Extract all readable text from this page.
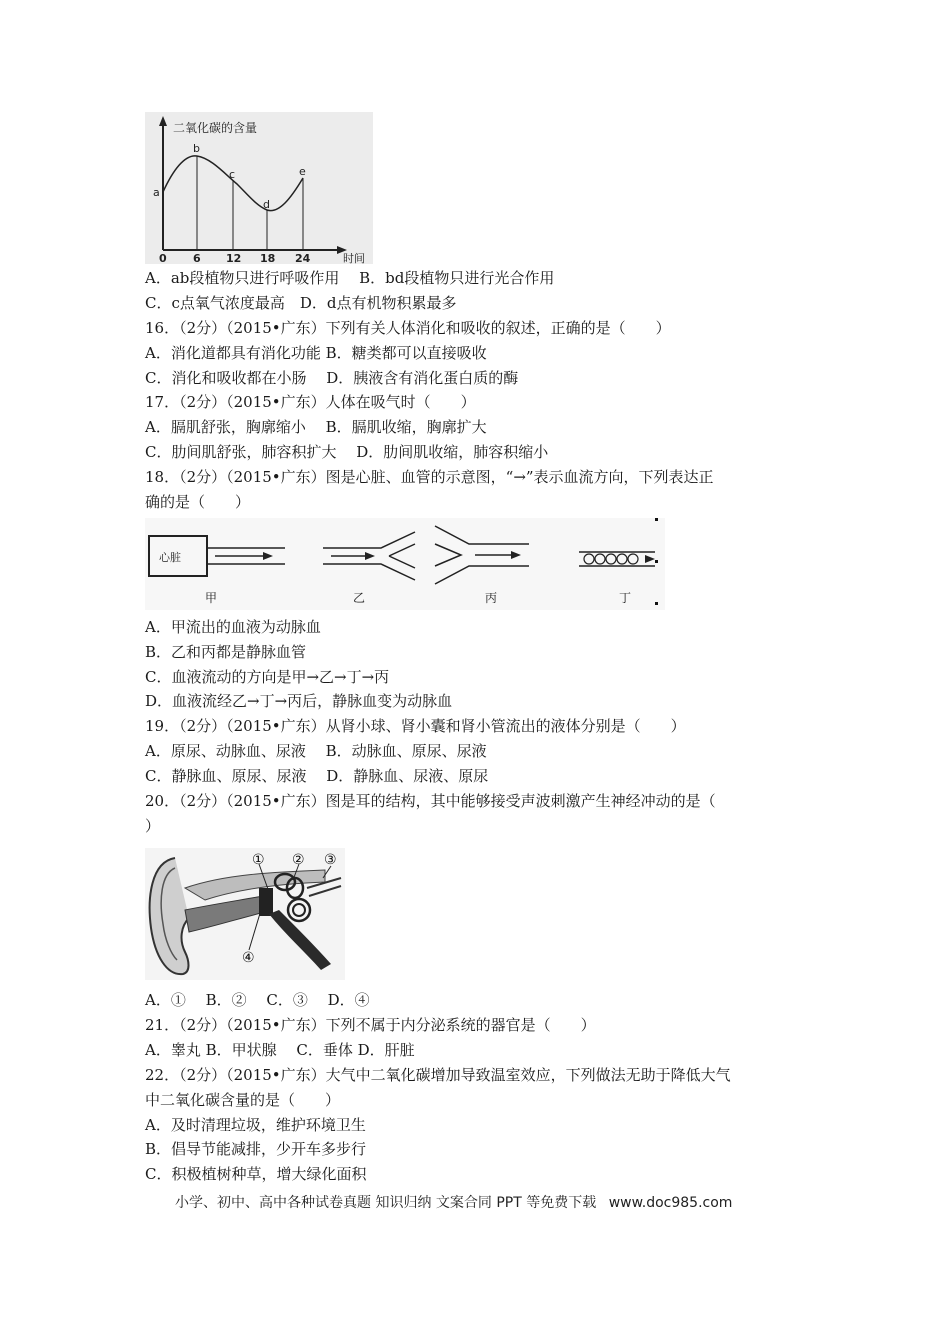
二氧化碳的含量
时间
a
b
c
d
e
0 6 12 18 24
A．ab段植物只进行呼吸作用　 B．bd段植物只进行光合作用
C．c点氧气浓度最高　D．d点有机物积累最多
16．（2分）（2015•广东）下列有关人体消化和吸收的叙述，正确的是（　　）
A．消化道都具有消化功能 B．糖类都可以直接吸收
C．消化和吸收都在小肠　 D．胰液含有消化蛋白质的酶
17．（2分）（2015•广东）人体在吸气时（　　）
A．膈肌舒张，胸廓缩小　 B．膈肌收缩，胸廓扩大
C．肋间肌舒张，肺容积扩大　 D．肋间肌收缩，肺容积缩小
18．（2分）（2015•广东）图是心脏、血管的示意图，“→”表示血流方向，下列表达正
确的是（　　）
心脏
甲	乙	丙	丁
A．甲流出的血液为动脉血
B．乙和丙都是静脉血管
C．血液流动的方向是甲→乙→丁→丙
D．血液流经乙→丁→丙后，静脉血变为动脉血
19．（2分）（2015•广东）从肾小球、肾小囊和肾小管流出的液体分别是（　　）
A．原尿、动脉血、尿液　 B．动脉血、原尿、尿液
C．静脉血、原尿、尿液　 D．静脉血、尿液、原尿
20．（2分）（2015•广东）图是耳的结构，其中能够接受声波刺激产生神经冲动的是（
）
① ② ③
④
A．①　 B．②　 C．③　 D．④
21．（2分）（2015•广东）下列不属于内分泌系统的器官是（　　）
A．睾丸 B．甲状腺　 C．垂体 D．肝脏
22．（2分）（2015•广东）大气中二氧化碳增加导致温室效应，下列做法无助于降低大气
中二氧化碳含量的是（　　）
A．及时清理垃圾，维护环境卫生
B．倡导节能减排，少开车多步行
C．积极植树种草，增大绿化面积
小学、初中、高中各种试卷真题 知识归纳 文案合同 PPT 等免费下载 www.doc985.com
